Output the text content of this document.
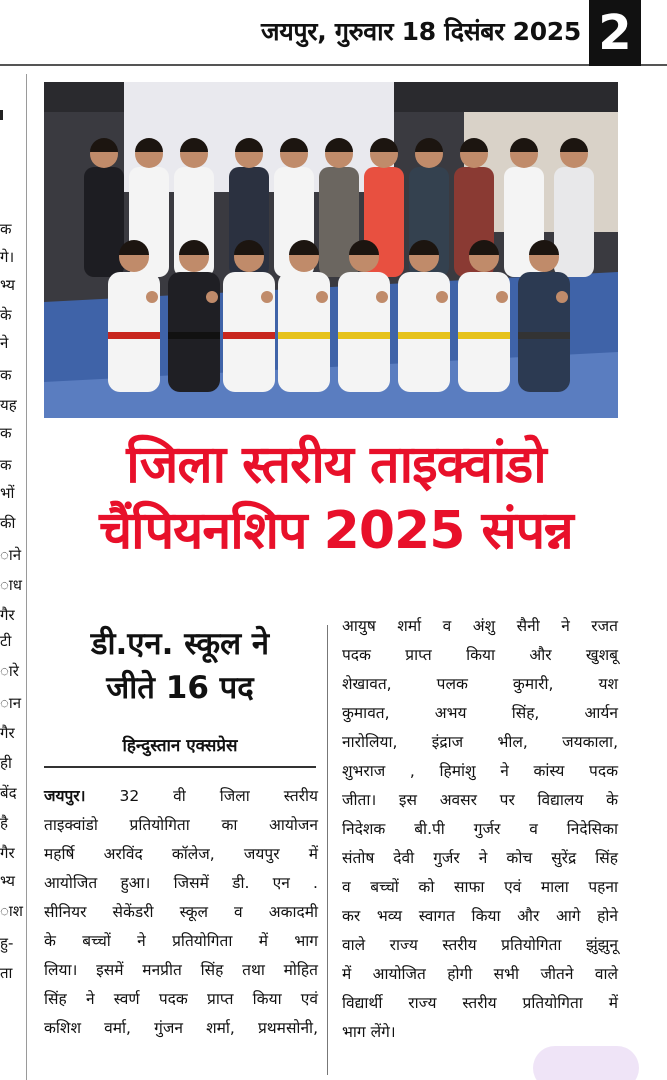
जयपुर, गुरुवार 18 दिसंबर 2025 2
क
गे।
भ्य
के
ने
क
यह
क
क
भों
की
ाने
ाध
गैर
टी
ारे
ान
गैर
ही
बेंद
है
गैर
भ्य
ाश
हु-
ता
जिला स्तरीय ताइक्वांडो
चैंपियनशिप 2025 संपन्न
डी.एन. स्कूल ने
जीते 16 पद
हिन्दुस्तान एक्सप्रेस
जयपुर। 32 वी जिला स्तरीय
ताइक्वांडो प्रतियोगिता का आयोजन
महर्षि अरविंद कॉलेज, जयपुर में
आयोजित हुआ। जिसमें डी. एन .
सीनियर सेकेंडरी स्कूल व अकादमी
के बच्चों ने प्रतियोगिता में भाग
लिया। इसमें मनप्रीत सिंह तथा मोहित
सिंह ने स्वर्ण पदक प्राप्त किया एवं
कशिश वर्मा, गुंजन शर्मा, प्रथमसोनी,
आयुष शर्मा व अंशु सैनी ने रजत
पदक प्राप्त किया और खुशबू
शेखावत, पलक कुमारी, यश
कुमावत, अभय सिंह, आर्यन
नारोलिया, इंद्राज भील, जयकाला,
शुभराज , हिमांशु ने कांस्य पदक
जीता। इस अवसर पर विद्यालय के
निदेशक बी.पी गुर्जर व निदेसिका
संतोष देवी गुर्जर ने कोच सुरेंद्र सिंह
व बच्चों को साफा एवं माला पहना
कर भव्य स्वागत किया और आगे होने
वाले राज्य स्तरीय प्रतियोगिता झुंझुनू
में आयोजित होगी सभी जीतने वाले
विद्यार्थी राज्य स्तरीय प्रतियोगिता में
भाग लेंगे।
